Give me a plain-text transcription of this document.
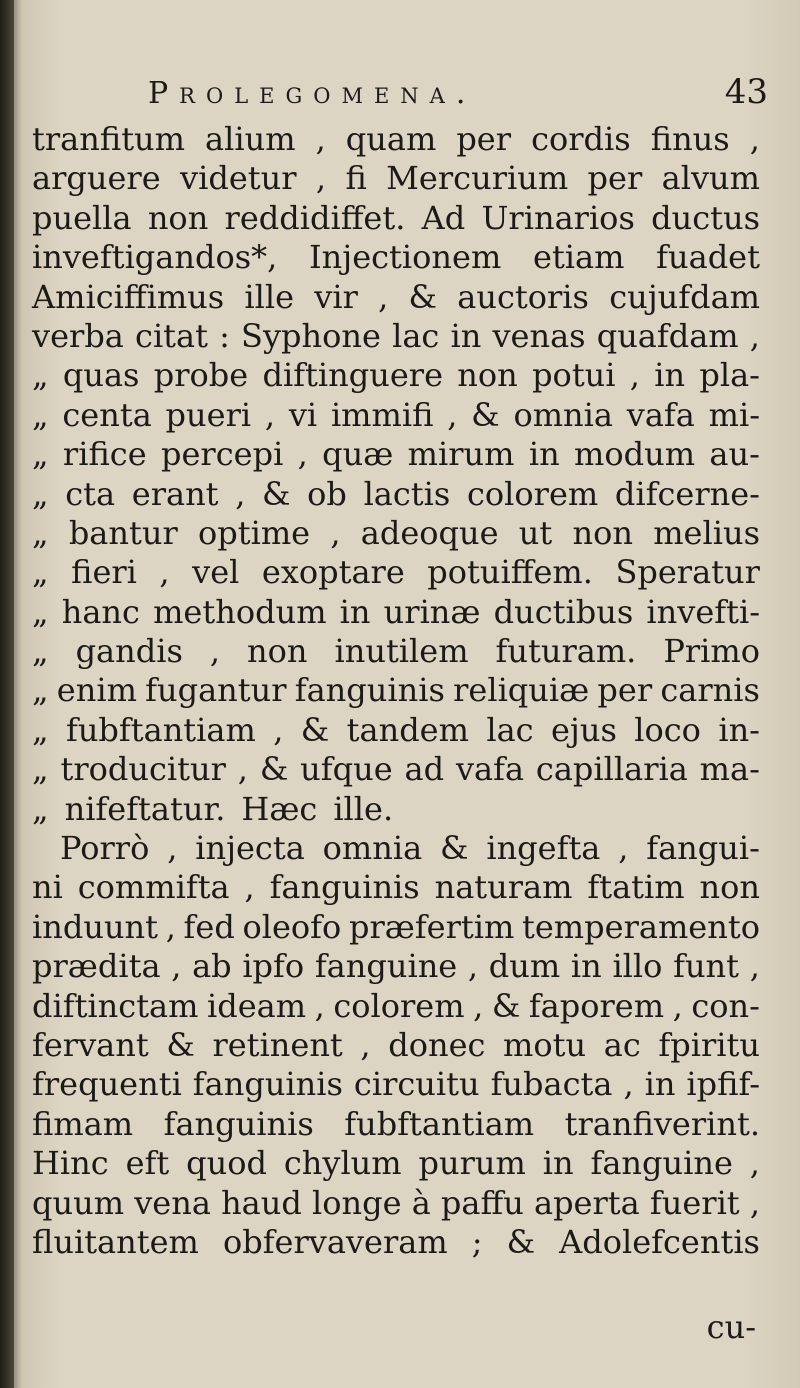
Prolegomena.	43
tranfitum alium , quam per cordis finus ,
arguere videtur , fi Mercurium per alvum
puella non reddidiffet. Ad Urinarios ductus
inveftigandos*, Injectionem etiam fuadet
Amiciffimus ille vir , & auctoris cujufdam
verba citat : Syphone lac in venas quafdam ,
„ quas probe diftinguere non potui , in pla-
„ centa pueri , vi immifi , & omnia vafa mi-
„ rifice percepi , quæ mirum in modum au-
„ cta erant , & ob lactis colorem difcerne-
„ bantur optime , adeoque ut non melius
„ fieri , vel exoptare potuiffem. Speratur
„ hanc methodum in urinæ ductibus invefti-
„ gandis , non inutilem futuram. Primo
„ enim fugantur fanguinis reliquiæ per carnis
„ fubftantiam , & tandem lac ejus loco in-
„ troducitur , & ufque ad vafa capillaria ma-
„ nifeftatur. Hæc ille.
Porrò , injecta omnia & ingefta , fangui-
ni commifta , fanguinis naturam ftatim non
induunt , fed oleofo præfertim temperamento
prædita , ab ipfo fanguine , dum in illo funt ,
diftinctam ideam , colorem , & faporem , con-
fervant & retinent , donec motu ac fpiritu
frequenti fanguinis circuitu fubacta , in ipfif-
fimam fanguinis fubftantiam tranfiverint.
Hinc eft quod chylum purum in fanguine ,
quum vena haud longe à paffu aperta fuerit ,
fluitantem obfervaveram ; & Adolefcentis
cu-
